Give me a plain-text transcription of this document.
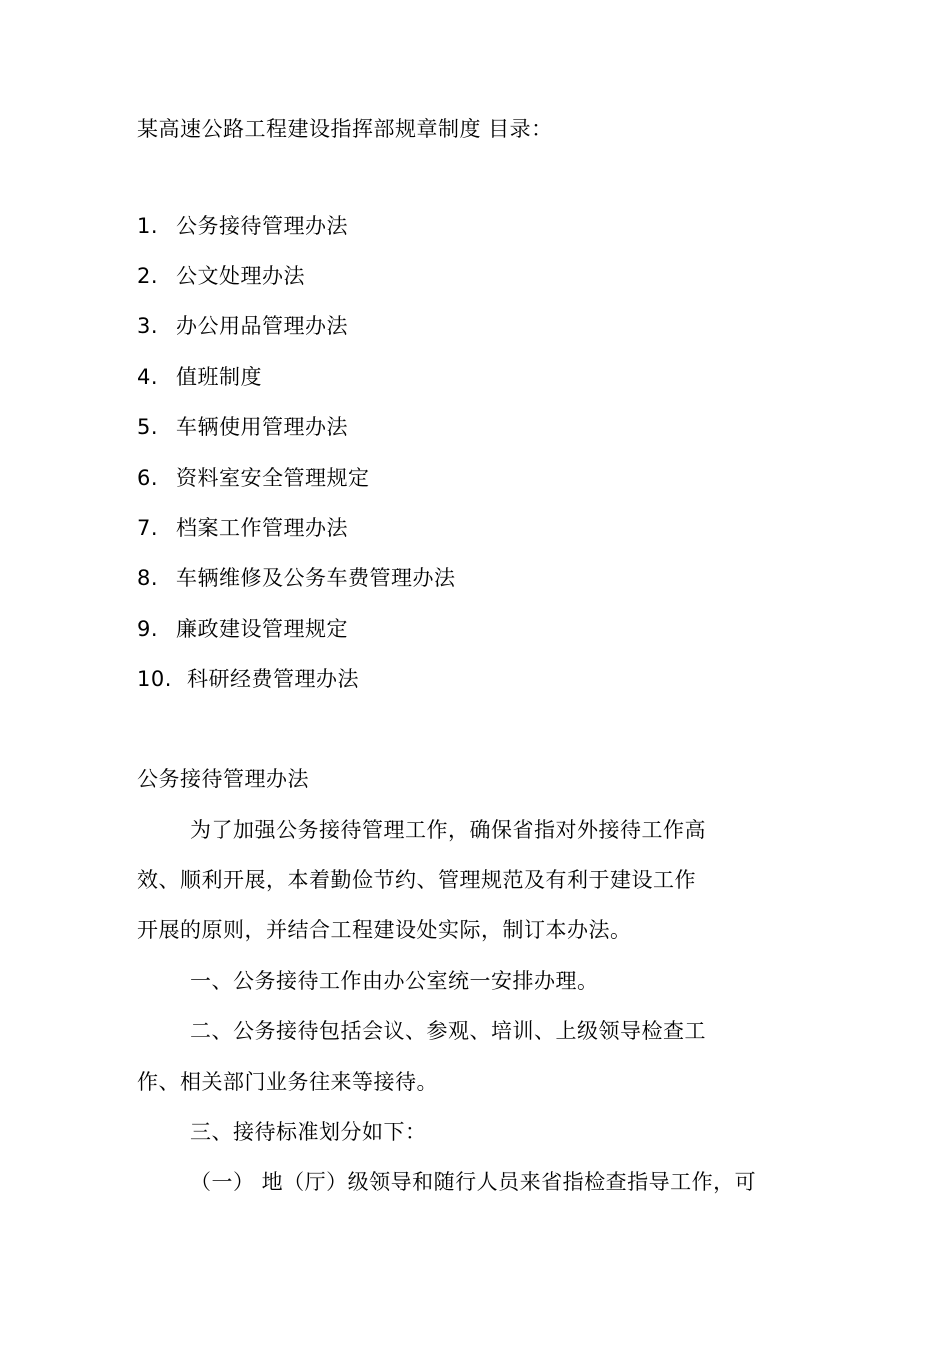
某高速公路工程建设指挥部规章制度 目录：
1. 公务接待管理办法
2. 公文处理办法
3. 办公用品管理办法
4. 值班制度
5. 车辆使用管理办法
6. 资料室安全管理规定
7. 档案工作管理办法
8. 车辆维修及公务车费管理办法
9. 廉政建设管理规定
10. 科研经费管理办法
公务接待管理办法
为了加强公务接待管理工作，确保省指对外接待工作高
效、顺利开展，本着勤俭节约、管理规范及有利于建设工作
开展的原则，并结合工程建设处实际，制订本办法。
一、公务接待工作由办公室统一安排办理。
二、公务接待包括会议、参观、培训、上级领导检查工
作、相关部门业务往来等接待。
三、接待标准划分如下：
（一） 地（厅）级领导和随行人员来省指检查指导工作，可
